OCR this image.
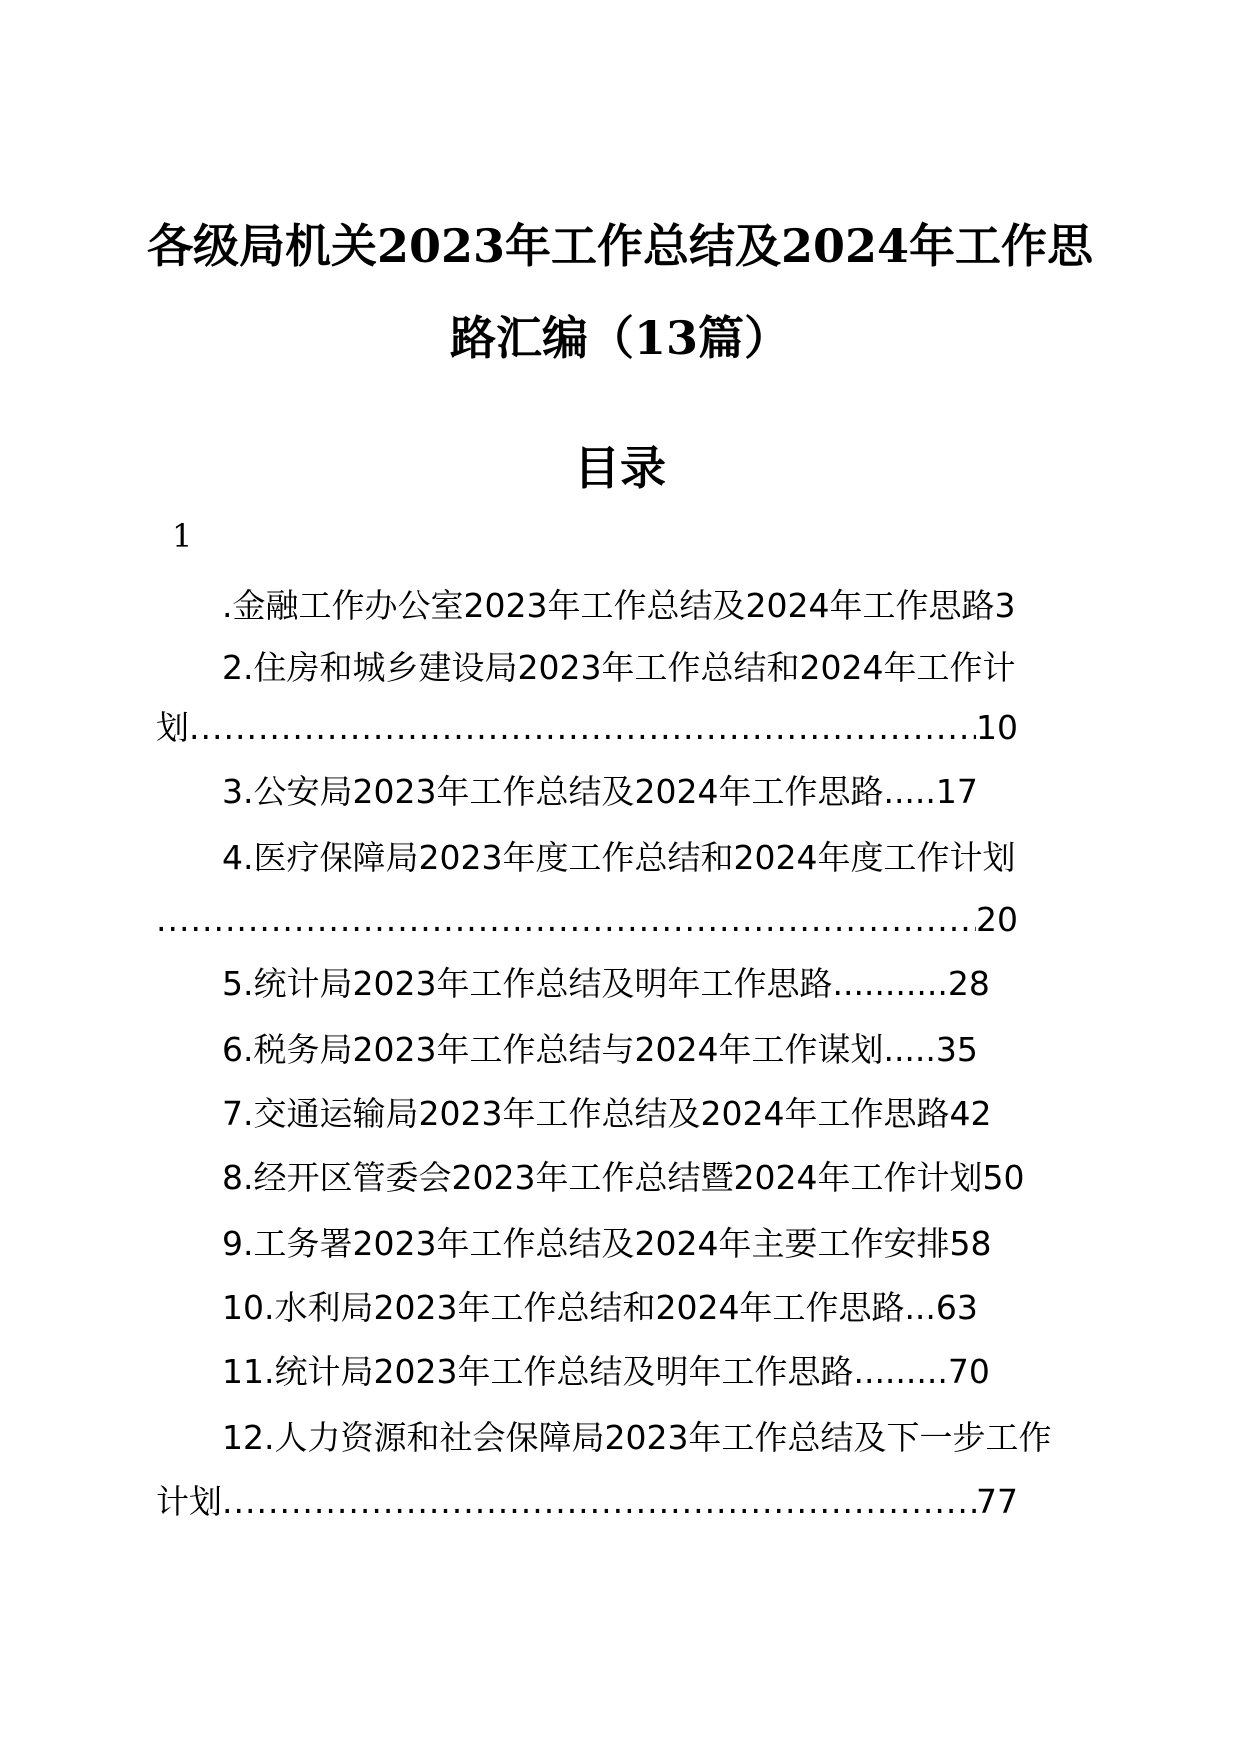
各级局机关2023年工作总结及2024年工作思
路汇编（13篇）
目录
1
.金融工作办公室2023年工作总结及2024年工作思路3
2.住房和城乡建设局2023年工作总结和2024年工作计
划 .....	10
3.公安局2023年工作总结及2024年工作思路.....17
4.医疗保障局2023年度工作总结和2024年度工作计划
.....
20
5.统计局2023年工作总结及明年工作思路...........28
6.税务局2023年工作总结与2024年工作谋划.....35
7.交通运输局2023年工作总结及2024年工作思路42
8.经开区管委会2023年工作总结暨2024年工作计划50
9.工务署2023年工作总结及2024年主要工作安排58
10.水利局2023年工作总结和2024年工作思路...63
11.统计局2023年工作总结及明年工作思路.........70
12.人力资源和社会保障局2023年工作总结及下一步工作
计划 .....	77
